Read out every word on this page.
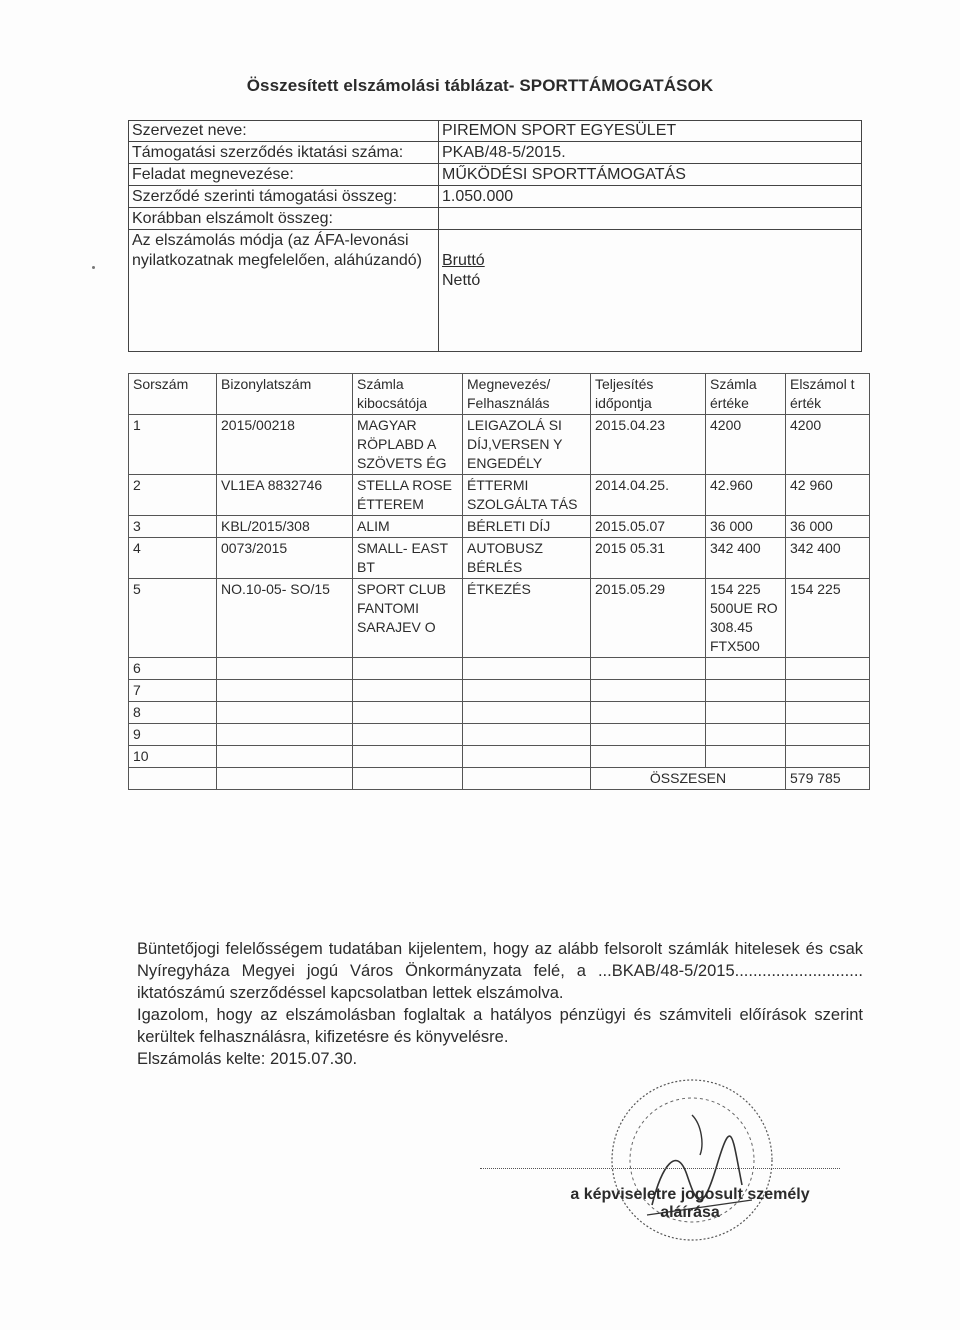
Összesített elszámolási táblázat- SPORTTÁMOGATÁSOK
Szervezet neve:	PIREMON SPORT EGYESÜLET
Támogatási szerződés iktatási száma:	PKAB/48-5/2015.
Feladat megnevezése:	MŰKÖDÉSI SPORTTÁMOGATÁS
Szerződé szerinti támogatási összeg:	1.050.000
Korábban elszámolt összeg:	
Az elszámolás módja (az ÁFA-levonási nyilatkozatnak megfelelően, aláhúzandó)	Bruttó
Nettó
Sorszám	Bizonylatszám	Számla kibocsátója	Megnevezés/ Felhasználás	Teljesítés időpontja	Számla értéke	Elszámol t érték
1	2015/00218	MAGYAR RÖPLABD A SZÖVETS ÉG	LEIGAZOLÁ SI DÍJ,VERSEN Y ENGEDÉLY	2015.04.23	4200	4200
2	VL1EA 8832746	STELLA ROSE ÉTTEREM	ÉTTERMI SZOLGÁLTA TÁS	2014.04.25.	42.960	42 960
3	KBL/2015/308	ALIM	BÉRLETI DÍJ	2015.05.07	36 000	36 000
4	0073/2015	SMALL- EAST BT	AUTOBUSZ BÉRLÉS	2015 05.31	342 400	342 400
5	NO.10-05- SO/15	SPORT CLUB FANTOMI SARAJEV O	ÉTKEZÉS	2015.05.29	154 225 500UE RO 308.45 FTX500	154 225
6						
7						
8						
9						
10						
				ÖSSZESEN		579 785

Büntetőjogi felelősségem tudatában kijelentem, hogy az alább felsorolt számlák hitelesek és csak Nyíregyháza Megyei jogú Város Önkormányzata felé, a ...BKAB/48-5/2015............................ iktatószámú szerződéssel kapcsolatban lettek elszámolva.

Igazolom, hogy az elszámolásban foglaltak a hatályos pénzügyi és számviteli előírások szerint kerültek felhasználásra, kifizetésre és könyvelésre.

Elszámolás kelte: 2015.07.30.

a képviseletre jogosult személy
aláírása
